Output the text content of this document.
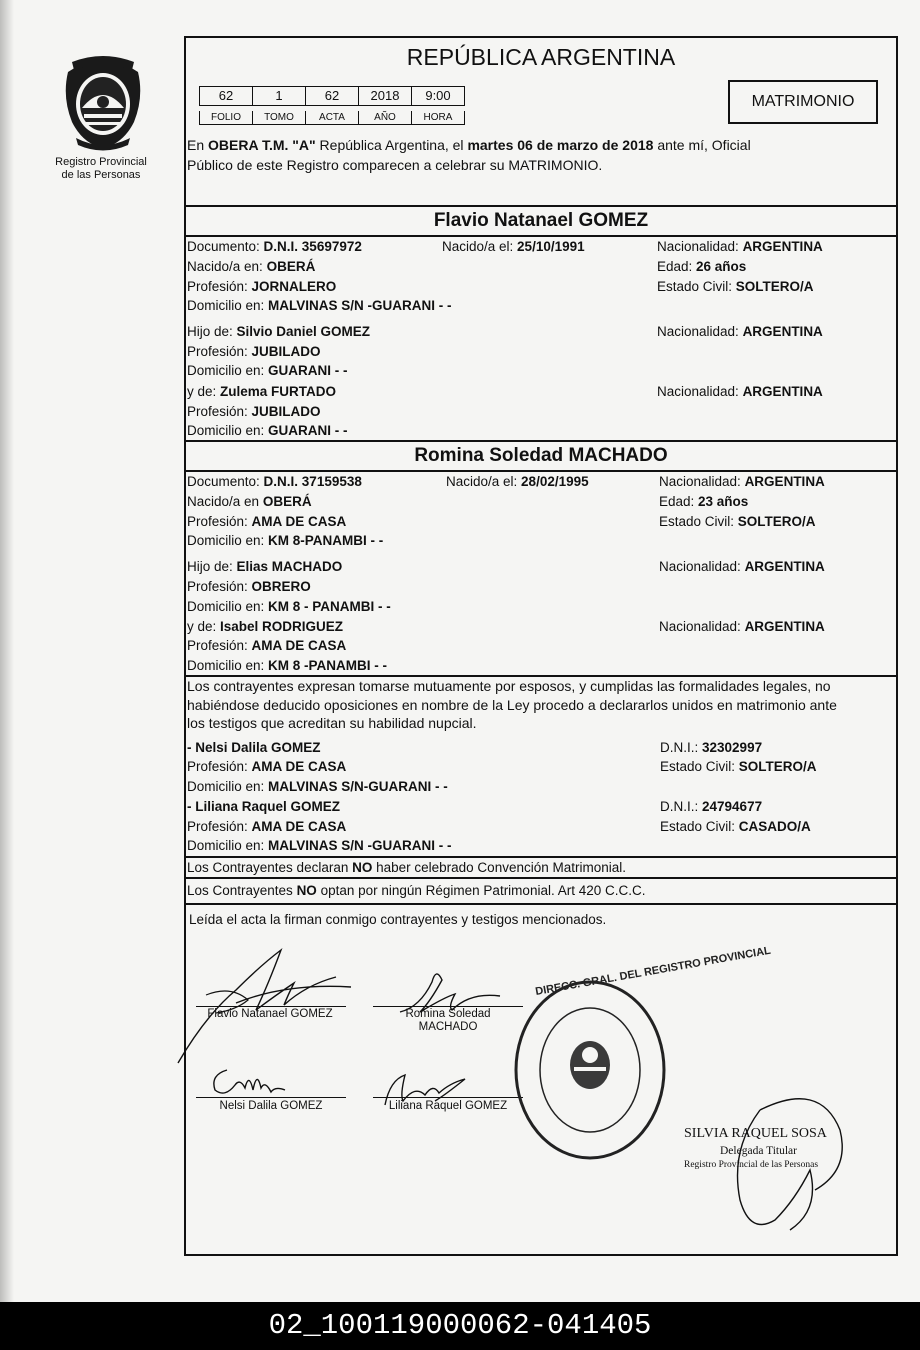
Registro Provincial
de las Personas
REPÚBLICA ARGENTINA
62	1	62	2018	9:00
FOLIO	TOMO	ACTA	AÑO	HORA
MATRIMONIO
En OBERA T.M. "A" República Argentina, el martes 06 de marzo de 2018 ante mí, Oficial
Público de este Registro comparecen a celebrar su MATRIMONIO.
Flavio Natanael GOMEZ
Documento: D.N.I. 35697972	Nacido/a el: 25/10/1991	Nacionalidad: ARGENTINA
Nacido/a en: OBERÁ	Edad: 26 años
Profesión: JORNALERO	Estado Civil: SOLTERO/A
Domicilio en: MALVINAS S/N -GUARANI - -
Hijo de: Silvio Daniel GOMEZ	Nacionalidad: ARGENTINA
Profesión: JUBILADO
Domicilio en: GUARANI - -
y de: Zulema FURTADO	Nacionalidad: ARGENTINA
Profesión: JUBILADO
Domicilio en: GUARANI - -
Romina Soledad MACHADO
Documento: D.N.I. 37159538	Nacido/a el: 28/02/1995	Nacionalidad: ARGENTINA
Nacido/a en OBERÁ	Edad: 23 años
Profesión: AMA DE CASA	Estado Civil: SOLTERO/A
Domicilio en: KM 8-PANAMBI - -
Hijo de: Elias MACHADO	Nacionalidad: ARGENTINA
Profesión: OBRERO
Domicilio en: KM 8 - PANAMBI - -
y de: Isabel RODRIGUEZ	Nacionalidad: ARGENTINA
Profesión: AMA DE CASA
Domicilio en: KM 8 -PANAMBI - -
Los contrayentes expresan tomarse mutuamente por esposos, y cumplidas las formalidades legales, no
habiéndose deducido oposiciones en nombre de la Ley procedo a declararlos unidos en matrimonio ante
los testigos que acreditan su habilidad nupcial.
- Nelsi Dalila GOMEZ	D.N.I.: 32302997
Profesión: AMA DE CASA	Estado Civil: SOLTERO/A
Domicilio en: MALVINAS S/N-GUARANI - -
- Liliana Raquel GOMEZ	D.N.I.: 24794677
Profesión: AMA DE CASA	Estado Civil: CASADO/A
Domicilio en: MALVINAS S/N -GUARANI - -
Los Contrayentes declaran NO haber celebrado Convención Matrimonial.
Los Contrayentes NO optan por ningún Régimen Patrimonial. Art 420 C.C.C.
Leída el acta la firman conmigo contrayentes y testigos mencionados.
Flavio Natanael GOMEZ	Romina Soledad
MACHADO
Nelsi Dalila GOMEZ	Liliana Raquel GOMEZ
DIRECC. GRAL. DEL REGISTRO PROVINCIAL
SILVIA RAQUEL SOSA
Delegada Titular
Registro Provincial de las Personas
02_100119000062-041405
